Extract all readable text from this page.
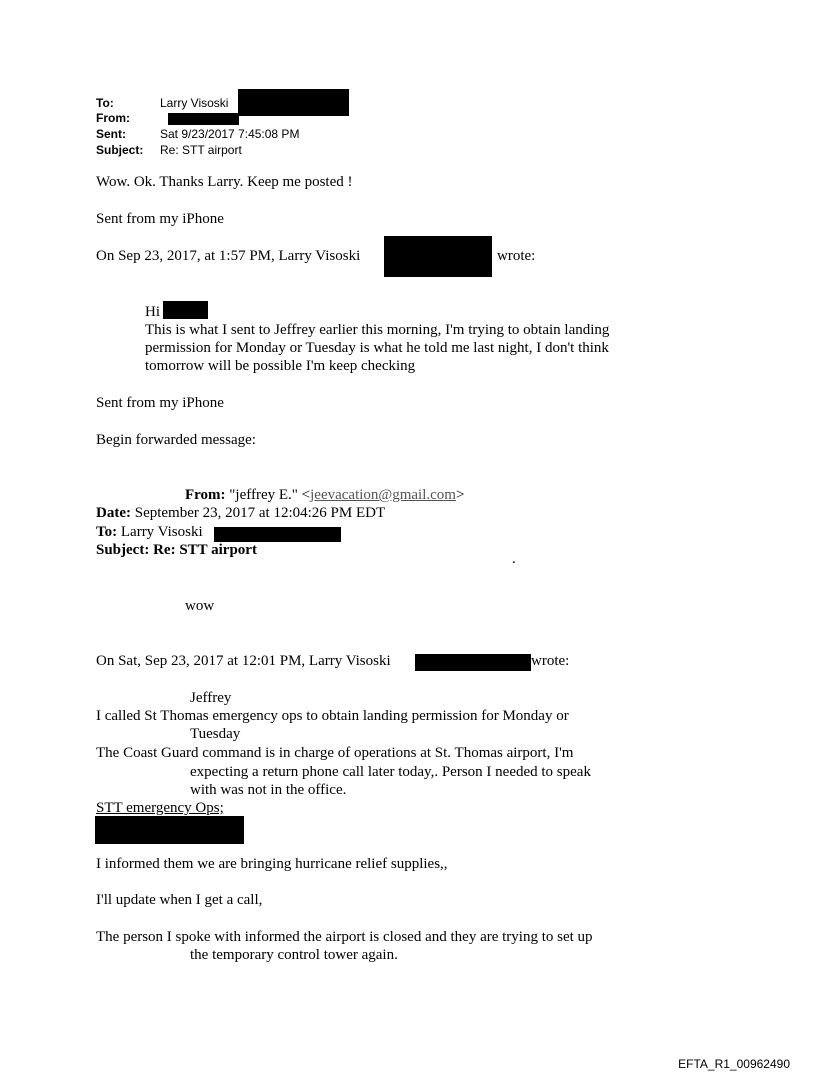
To:	Larry Visoski
From:
Sent:	Sat 9/23/2017 7:45:08 PM
Subject: Re: STT airport
Wow. Ok. Thanks Larry. Keep me posted !
Sent from my iPhone
On Sep 23, 2017, at 1:57 PM, Larry Visoski	wrote:
Hi
This is what I sent to Jeffrey earlier this morning, I'm trying to obtain landing
permission for Monday or Tuesday is what he told me last night, I don't think
tomorrow will be possible I'm keep checking
Sent from my iPhone
Begin forwarded message:
From: "jeffrey E." <jeevacation@gmail.com>
Date: September 23, 2017 at 12:04:26 PM EDT
To: Larry Visoski
Subject: Re: STT airport
.
wow
On Sat, Sep 23, 2017 at 12:01 PM, Larry Visoski	wrote:
Jeffrey
I called St Thomas emergency ops to obtain landing permission for Monday or
Tuesday
The Coast Guard command is in charge of operations at St. Thomas airport, I'm
expecting a return phone call later today,. Person I needed to speak
with was not in the office.
STT emergency Ops;
I informed them we are bringing hurricane relief supplies,,
I'll update when I get a call,
The person I spoke with informed the airport is closed and they are trying to set up
the temporary control tower again.
EFTA_R1_00962490
